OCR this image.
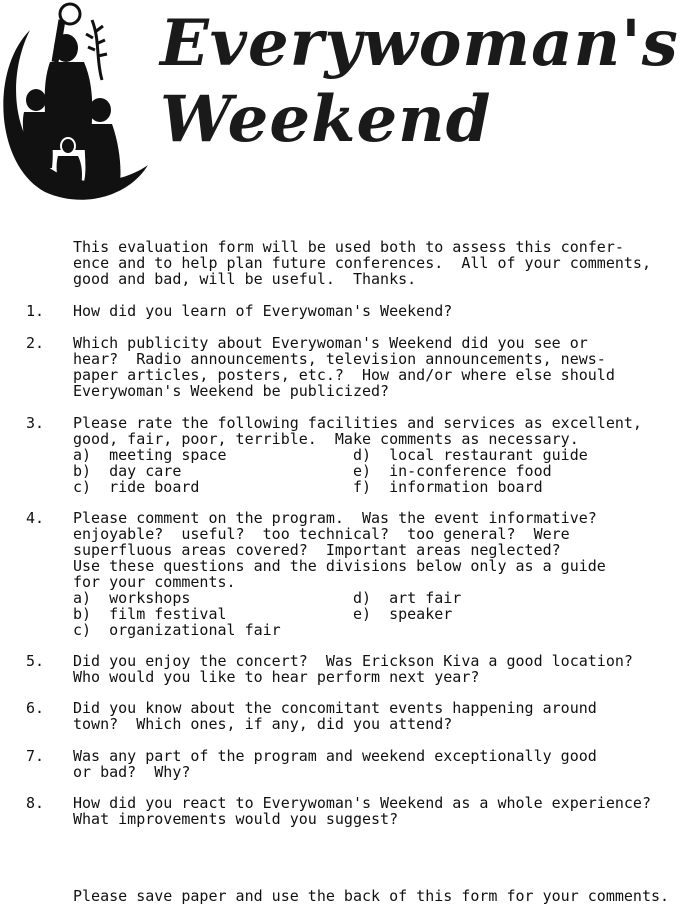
Everywoman's
Weekend

This evaluation form will be used both to assess this confer-
ence and to help plan future conferences.  All of your comments,
good and bad, will be useful.  Thanks.

1. How did you learn of Everywoman's Weekend?

2. Which publicity about Everywoman's Weekend did you see or
hear?  Radio announcements, television announcements, news-
paper articles, posters, etc.?  How and/or where else should
Everywoman's Weekend be publicized?

3. Please rate the following facilities and services as excellent,
good, fair, poor, terrible.  Make comments as necessary.
a)  meeting space              d)  local restaurant guide
b)  day care                   e)  in-conference food
c)  ride board                 f)  information board

4. Please comment on the program.  Was the event informative?
enjoyable?  useful?  too technical?  too general?  Were
superfluous areas covered?  Important areas neglected?
Use these questions and the divisions below only as a guide
for your comments.
a)  workshops                  d)  art fair
b)  film festival              e)  speaker
c)  organizational fair

5. Did you enjoy the concert?  Was Erickson Kiva a good location?
Who would you like to hear perform next year?

6. Did you know about the concomitant events happening around
town?  Which ones, if any, did you attend?

7. Was any part of the program and weekend exceptionally good
or bad?  Why?

8. How did you react to Everywoman's Weekend as a whole experience?
What improvements would you suggest?

Please save paper and use the back of this form for your comments.
